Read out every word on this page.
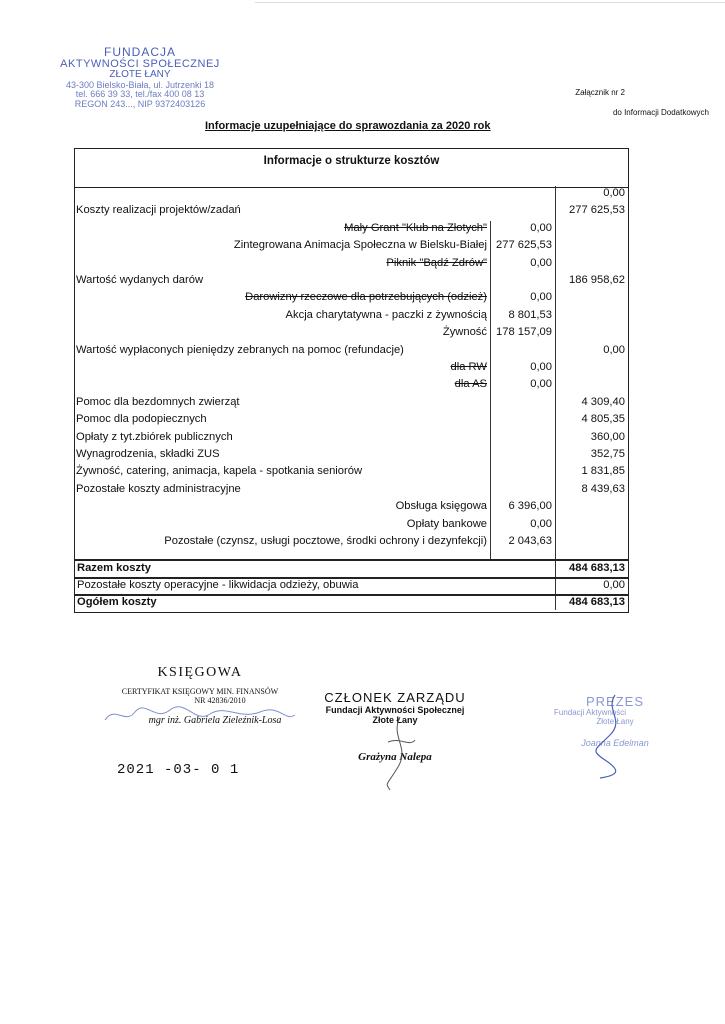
FUNDACJA
AKTYWNOŚCI SPOŁECZNEJ
ZŁOTE ŁANY
43-300 Bielsko-Biała, ul. Jutrzenki 18
tel. 666 39 33, tel./fax 400 08 13
REGON 243..., NIP 9372403126
Załącznik nr 2
do Informacji Dodatkowych
Informacje uzupełniające do sprawozdania za 2020 rok
Informacje o strukturze kosztów
0,00
Koszty realizacji projektów/zadań	277 625,53
Mały Grant "Klub na Złotych"	0,00
Zintegrowana Animacja Społeczna w Bielsku-Białej 277 625,53
Piknik "Bądź Zdrów"	0,00
Wartość wydanych darów	186 958,62
Darowizny rzeczowe dla potrzebujących (odzież)	0,00
Akcja charytatywna - paczki z żywnością 8 801,53
Żywność 178 157,09
Wartość wypłaconych pieniędzy zebranych na pomoc (refundacje)	0,00
dla RW	0,00
dla AS	0,00
Pomoc dla bezdomnych zwierząt	4 309,40
Pomoc dla podopiecznych	4 805,35
Opłaty z tyt.zbiórek publicznych	360,00
Wynagrodzenia, składki ZUS	352,75
Żywność, catering, animacja, kapela - spotkania seniorów	1 831,85
Pozostałe koszty administracyjne	8 439,63
Obsługa księgowa 6 396,00
Opłaty bankowe	0,00
Pozostałe (czynsz, usługi pocztowe, środki ochrony i dezynfekcji) 2 043,63
Razem koszty	484 683,13
Pozostałe koszty operacyjne - likwidacja odzieży, obuwia	0,00
Ogółem koszty	484 683,13
KSIĘGOWA
CERTYFIKAT KSIĘGOWY MIN. FINANSÓW
NR 42836/2010
mgr inż. Gabriela Zieleźnik-Losa
2021 -03- 0 1
CZŁONEK ZARZĄDU
Fundacji Aktywności Społecznej
Złote Łany
Grażyna Nalepa
PREZES
Fundacji Aktywności
Złote Łany
Joanna Edelman
